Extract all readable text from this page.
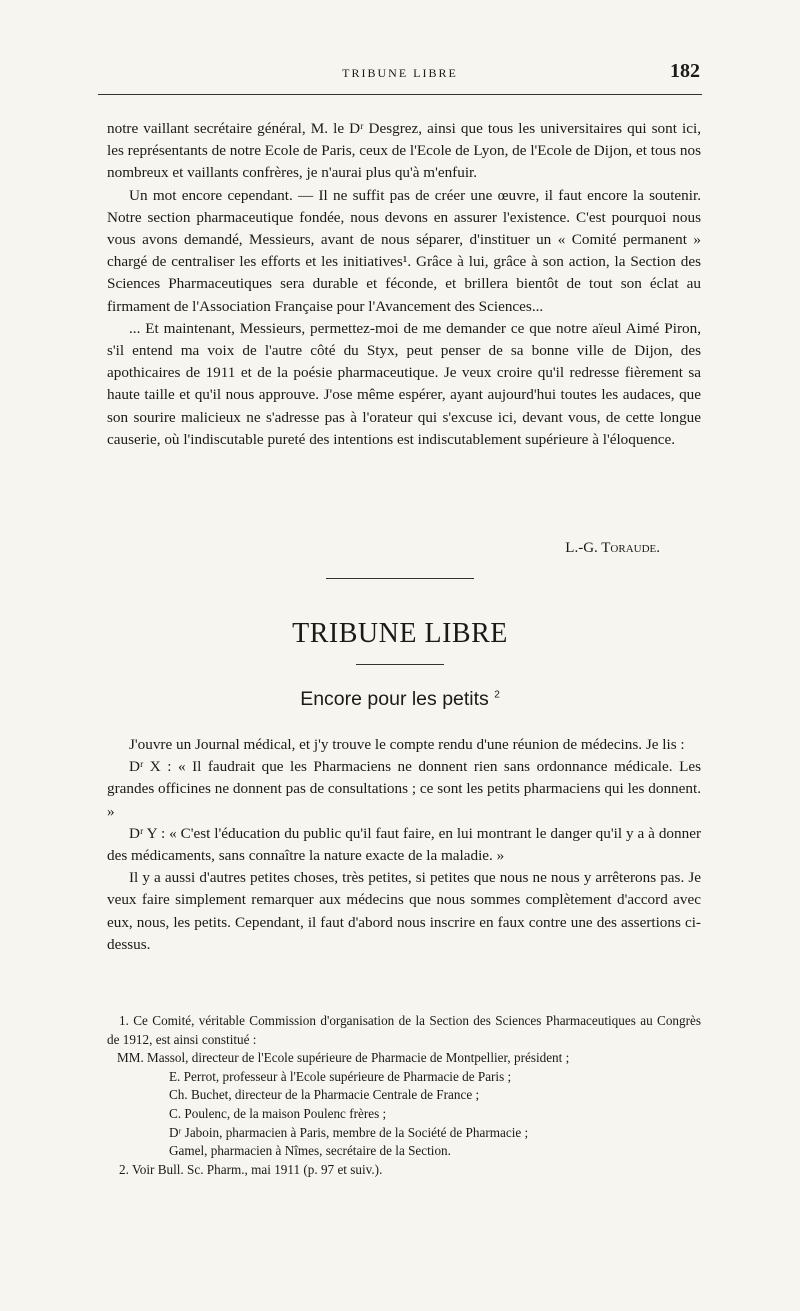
TRIBUNE LIBRE	182

notre vaillant secrétaire général, M. le Dʳ Desgrez, ainsi que tous les universitaires qui sont ici, les représentants de notre Ecole de Paris, ceux de l'Ecole de Lyon, de l'Ecole de Dijon, et tous nos nombreux et vaillants confrères, je n'aurai plus qu'à m'enfuir.

Un mot encore cependant. — Il ne suffit pas de créer une œuvre, il faut encore la soutenir. Notre section pharmaceutique fondée, nous devons en assurer l'existence. C'est pourquoi nous vous avons demandé, Messieurs, avant de nous séparer, d'instituer un « Comité permanent » chargé de centraliser les efforts et les initiatives¹. Grâce à lui, grâce à son action, la Section des Sciences Pharmaceutiques sera durable et féconde, et brillera bientôt de tout son éclat au firmament de l'Association Française pour l'Avancement des Sciences...

... Et maintenant, Messieurs, permettez-moi de me demander ce que notre aïeul Aimé Piron, s'il entend ma voix de l'autre côté du Styx, peut penser de sa bonne ville de Dijon, des apothicaires de 1911 et de la poésie pharmaceutique. Je veux croire qu'il redresse fièrement sa haute taille et qu'il nous approuve. J'ose même espérer, ayant aujourd'hui toutes les audaces, que son sourire malicieux ne s'adresse pas à l'orateur qui s'excuse ici, devant vous, de cette longue causerie, où l'indiscutable pureté des intentions est indiscutablement supérieure à l'éloquence.

L.-G. Toraude.
TRIBUNE LIBRE
Encore pour les petits $^2$

J'ouvre un Journal médical, et j'y trouve le compte rendu d'une réunion de médecins. Je lis :

Dʳ X : « Il faudrait que les Pharmaciens ne donnent rien sans ordonnance médicale. Les grandes officines ne donnent pas de consultations ; ce sont les petits pharmaciens qui les donnent. »

Dʳ Y : « C'est l'éducation du public qu'il faut faire, en lui montrant le danger qu'il y a à donner des médicaments, sans connaître la nature exacte de la maladie. »

Il y a aussi d'autres petites choses, très petites, si petites que nous ne nous y arrêterons pas. Je veux faire simplement remarquer aux médecins que nous sommes complètement d'accord avec eux, nous, les petits. Cependant, il faut d'abord nous inscrire en faux contre une des assertions ci-dessus.

1. Ce Comité, véritable Commission d'organisation de la Section des Sciences Pharmaceutiques au Congrès de 1912, est ainsi constitué :

MM. Massol, directeur de l'Ecole supérieure de Pharmacie de Montpellier, président ;

E. Perrot, professeur à l'Ecole supérieure de Pharmacie de Paris ;

Ch. Buchet, directeur de la Pharmacie Centrale de France ;

C. Poulenc, de la maison Poulenc frères ;

Dʳ Jaboin, pharmacien à Paris, membre de la Société de Pharmacie ;

Gamel, pharmacien à Nîmes, secrétaire de la Section.

2. Voir Bull. Sc. Pharm., mai 1911 (p. 97 et suiv.).
